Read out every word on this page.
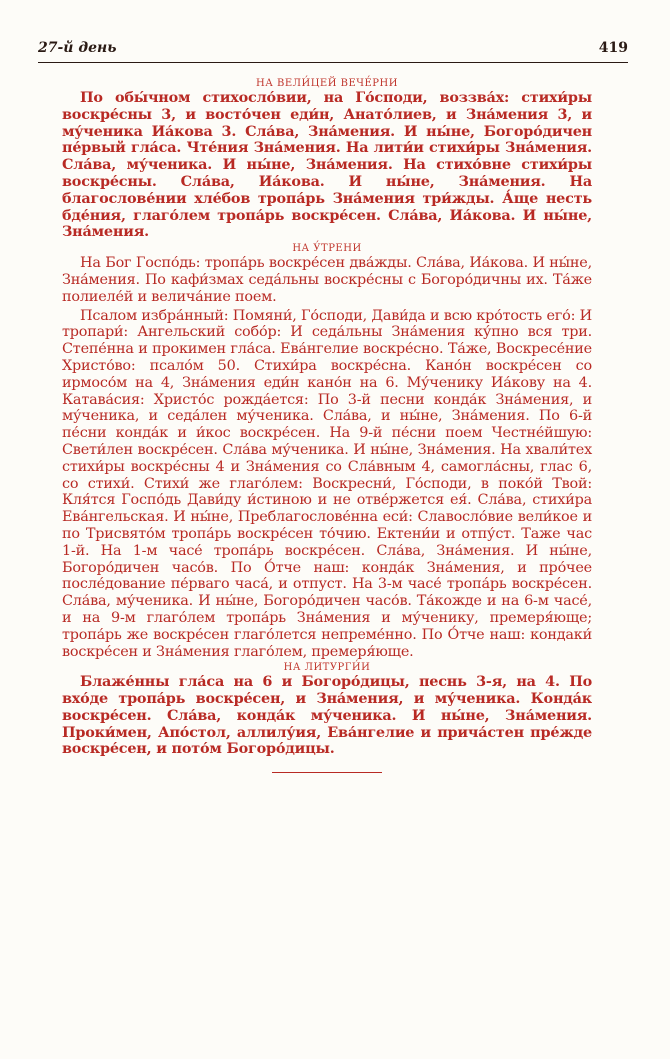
27-й день	419
НА ВЕЛИ́ЦЕЙ ВЕЧЕ́РНИ

По обы́чном стихосло́вии, на Го́споди, воззва́х: стихи́ры воскре́сны 3, и восто́чен еди́н, Анато́лиев, и Зна́мения 3, и му́ченика Иа́кова 3. Сла́ва, Зна́мения. И ны́не, Богоро́дичен пе́рвый гла́са. Чте́ния Зна́мения. На лити́и стихи́ры Зна́мения. Сла́ва, му́ченика. И ны́не, Зна́мения. На стихо́вне стихи́ры воскре́сны. Сла́ва, Иа́кова. И ны́не, Зна́мения. На благослове́нии хле́бов тропа́рь Зна́мения три́жды. А́ще несть бде́ния, глаго́лем тропа́рь воскре́сен. Сла́ва, Иа́кова. И ны́не, Зна́мения.

НА У́ТРЕНИ

На Бог Госпо́дь: тропа́рь воскре́сен два́жды. Сла́ва, Иа́кова. И ны́не, Зна́мения. По кафи́змах седа́льны воскре́сны с Богоро́дичны их. Та́же полиеле́й и велича́ние поем.

Псалом избра́нный: Помяни́, Го́споди, Дави́да и всю кро́тость его́: И тропари́: Ангельский собо́р: И седа́льны Зна́мения ку́пно вся три. Степе́нна и прокимен гла́са. Ева́нгелие воскре́сно. Та́же, Воскресе́ние Христо́во: псало́м 50. Стихи́ра воскре́сна. Кано́н воскре́сен со ирмосо́м на 4, Зна́мения еди́н кано́н на 6. Му́ченику Иа́кову на 4. Катава́сия: Христо́с рожда́ется: По 3-й песни конда́к Зна́мения, и му́ченика, и седа́лен му́ченика. Сла́ва, и ны́не, Зна́мения. По 6-й пе́сни конда́к и и́кос воскре́сен. На 9-й пе́сни поем Честне́йшую: Свети́лен воскре́сен. Сла́ва му́ченика. И ны́не, Зна́мения. На хвали́тех стихи́ры воскре́сны 4 и Зна́мения со Сла́вным 4, самогла́сны, глас 6, со стихи́. Стихи́ же глаго́лем: Воскресни́, Го́споди, в поко́й Твой: Кля́тся Госпо́дь Дави́ду и́стиною и не отве́ржется ея́. Сла́ва, стихи́ра Ева́нгельская. И ны́не, Преблагослове́нна еси́: Славосло́вие вели́кое и по Трисвято́м тропа́рь воскре́сен то́чию. Ектени́и и отпу́ст. Таже час 1-й. На 1-м часе́ тропа́рь воскре́сен. Сла́ва, Зна́мения. И ны́не, Богоро́дичен часо́в. По О́тче наш: конда́к Зна́мения, и про́чее после́дование пе́рваго часа́, и отпуст. На 3-м часе́ тропа́рь воскре́сен. Сла́ва, му́ченика. И ны́не, Богоро́дичен часо́в. Та́кожде и на 6-м часе́, и на 9-м глаго́лем тропа́рь Зна́мения и му́ченику, премеря́юще; тропа́рь же воскре́сен глаго́лется непреме́нно. По О́тче наш: кондаки́ воскре́сен и Зна́мения глаго́лем, премеря́юще.

НА ЛИТУРГИ́И

Блаже́нны гла́са на 6 и Богоро́дицы, песнь 3-я, на 4. По вхо́де тропа́рь воскре́сен, и Зна́мения, и му́ченика. Конда́к воскре́сен. Сла́ва, конда́к му́ченика. И ны́не, Зна́мения. Проки́мен, Апо́стол, аллилу́ия, Ева́нгелие и прича́стен пре́жде воскре́сен, и пото́м Богоро́дицы.
